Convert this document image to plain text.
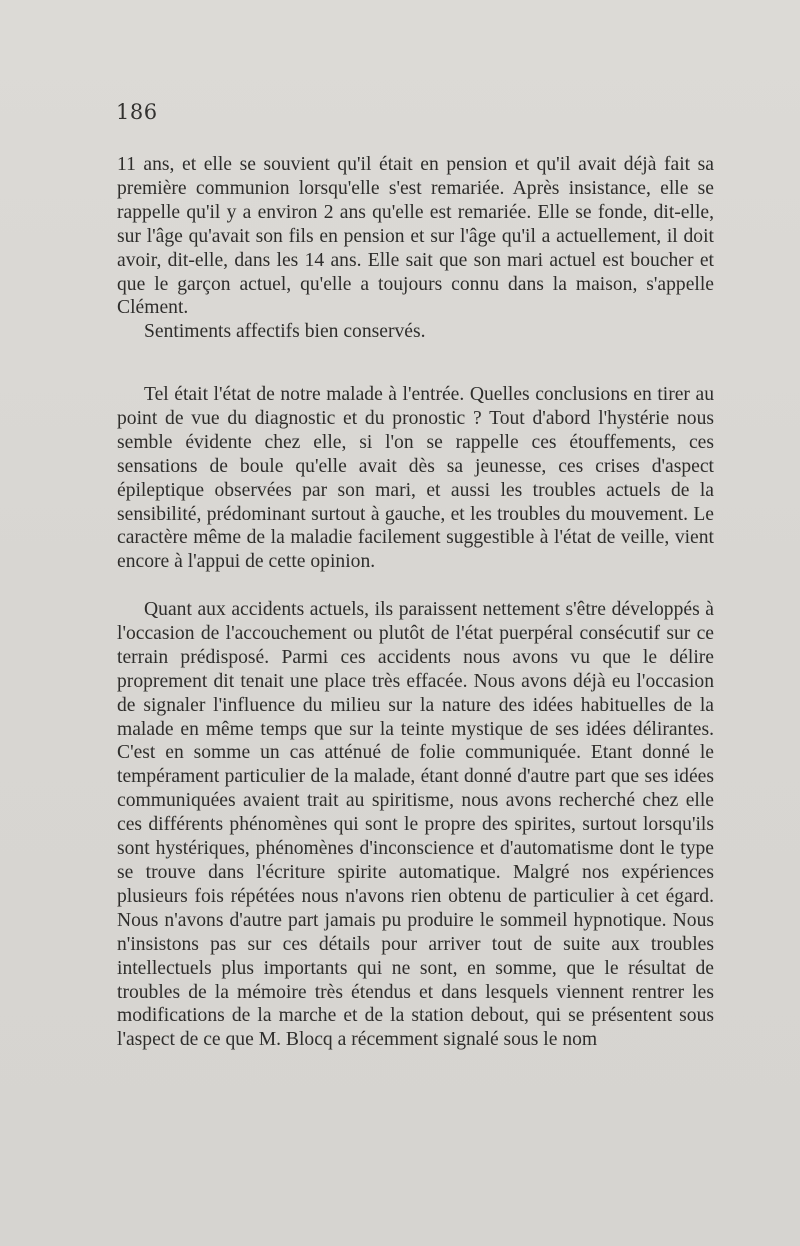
186

11 ans, et elle se souvient qu'il était en pension et qu'il avait déjà fait sa première communion lorsqu'elle s'est remariée. Après insistance, elle se rappelle qu'il y a environ 2 ans qu'elle est remariée. Elle se fonde, dit-elle, sur l'âge qu'avait son fils en pension et sur l'âge qu'il a actuellement, il doit avoir, dit-elle, dans les 14 ans. Elle sait que son mari actuel est boucher et que le garçon actuel, qu'elle a toujours connu dans la maison, s'appelle Clément.

Sentiments affectifs bien conservés.

Tel était l'état de notre malade à l'entrée. Quelles conclusions en tirer au point de vue du diagnostic et du pronostic ? Tout d'abord l'hystérie nous semble évidente chez elle, si l'on se rappelle ces étouffements, ces sensations de boule qu'elle avait dès sa jeunesse, ces crises d'aspect épileptique observées par son mari, et aussi les troubles actuels de la sensibilité, prédominant surtout à gauche, et les troubles du mouvement. Le caractère même de la maladie facilement suggestible à l'état de veille, vient encore à l'appui de cette opinion.

Quant aux accidents actuels, ils paraissent nettement s'être développés à l'occasion de l'accouchement ou plutôt de l'état puerpéral consécutif sur ce terrain prédisposé. Parmi ces accidents nous avons vu que le délire proprement dit tenait une place très effacée. Nous avons déjà eu l'occasion de signaler l'influence du milieu sur la nature des idées habituelles de la malade en même temps que sur la teinte mystique de ses idées délirantes. C'est en somme un cas atténué de folie communiquée. Etant donné le tempérament particulier de la malade, étant donné d'autre part que ses idées communiquées avaient trait au spiritisme, nous avons recherché chez elle ces différents phénomènes qui sont le propre des spirites, surtout lorsqu'ils sont hystériques, phénomènes d'inconscience et d'automatisme dont le type se trouve dans l'écriture spirite automatique. Malgré nos expériences plusieurs fois répétées nous n'avons rien obtenu de particulier à cet égard. Nous n'avons d'autre part jamais pu produire le sommeil hypnotique. Nous n'insistons pas sur ces détails pour arriver tout de suite aux troubles intellectuels plus importants qui ne sont, en somme, que le résultat de troubles de la mémoire très étendus et dans lesquels viennent rentrer les modifications de la marche et de la station debout, qui se présentent sous l'aspect de ce que M. Blocq a récemment signalé sous le nom
